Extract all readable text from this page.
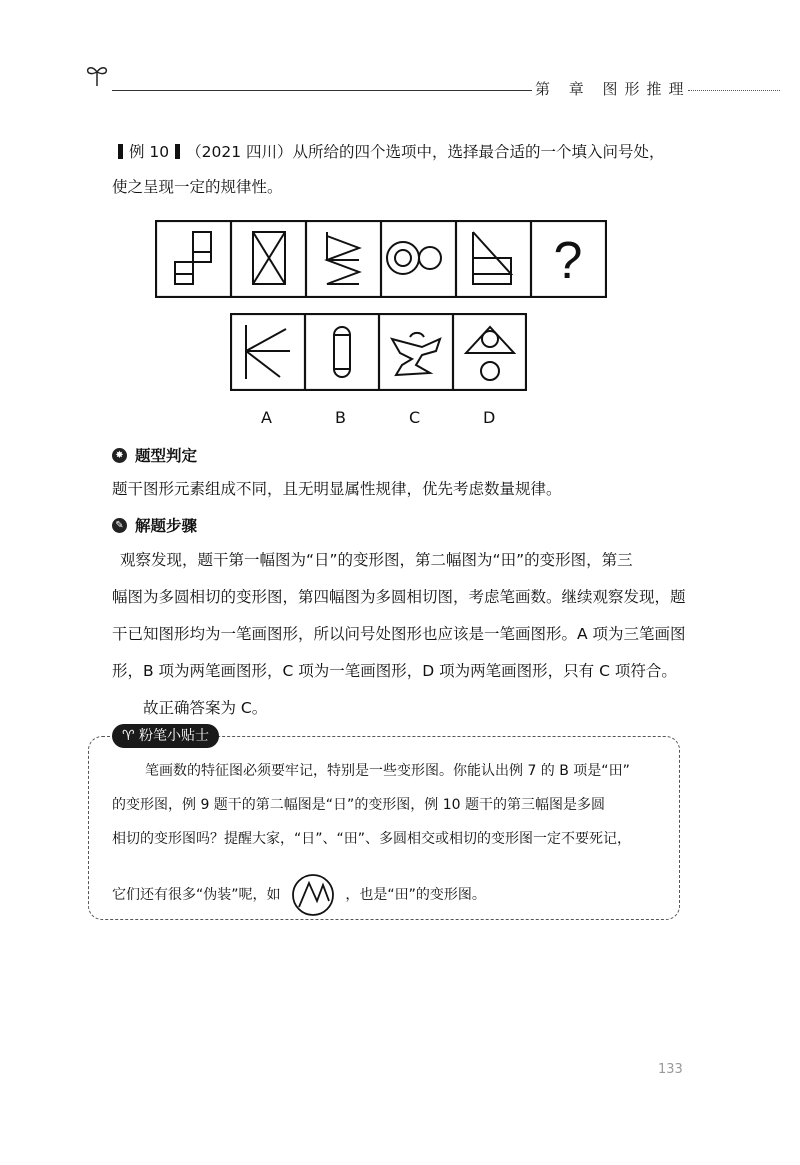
第 章 图形推理
例 10 （2021 四川）从所给的四个选项中，选择最合适的一个填入问号处，
使之呈现一定的规律性。
?
A	B	C	D
✸ 题型判定
题干图形元素组成不同，且无明显属性规律，优先考虑数量规律。
✎ 解题步骤
观察发现，题干第一幅图为“日”的变形图，第二幅图为“田”的变形图，第三
幅图为多圆相切的变形图，第四幅图为多圆相切图，考虑笔画数。继续观察发现，题
干已知图形均为一笔画图形，所以问号处图形也应该是一笔画图形。A 项为三笔画图
形，B 项为两笔画图形，C 项为一笔画图形，D 项为两笔画图形，只有 C 项符合。
故正确答案为 C。
♈ 粉笔小贴士
笔画数的特征图必须要牢记，特别是一些变形图。你能认出例 7 的 B 项是“田”
的变形图，例 9 题干的第二幅图是“日”的变形图，例 10 题干的第三幅图是多圆
相切的变形图吗？提醒大家，“日”、“田”、多圆相交或相切的变形图一定不要死记，
它们还有很多“伪装”呢，如	，也是“田”的变形图。
133
